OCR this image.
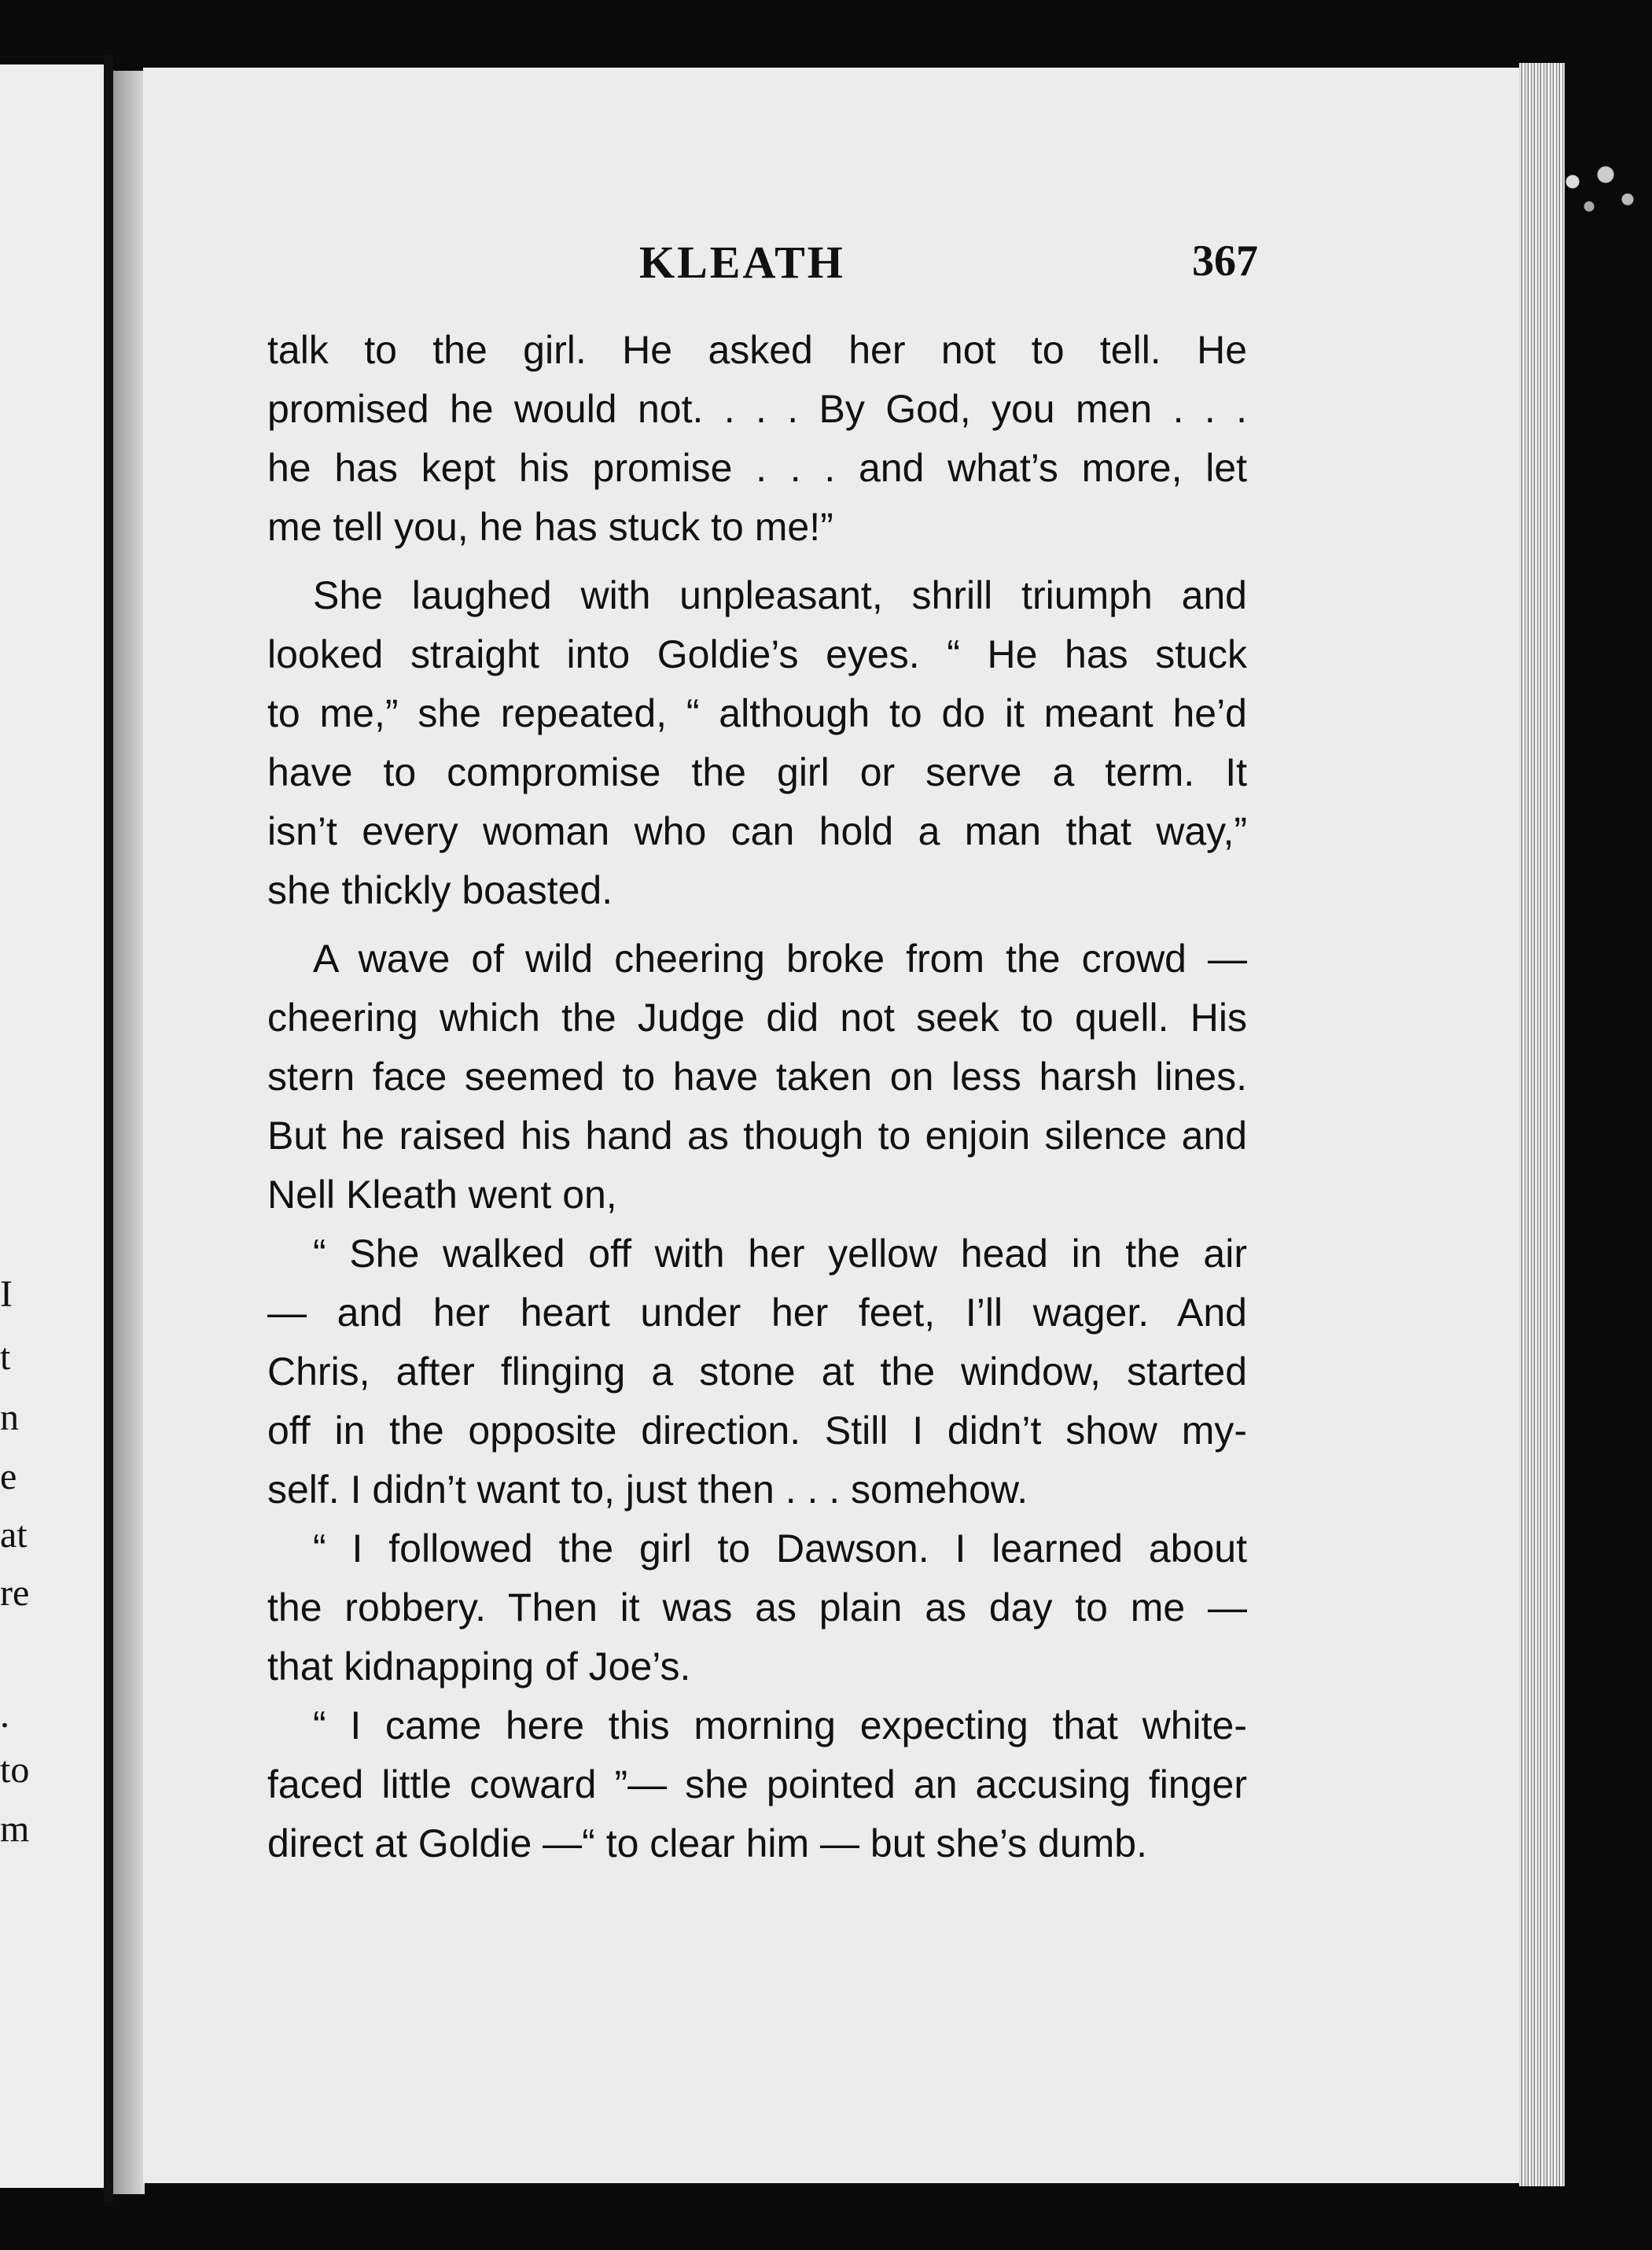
I
t
n
e
at
re
.
to
m
KLEATH	367
talk to the girl. He asked her not to tell. He
promised he would not. . . . By God, you men . . .
he has kept his promise . . . and what’s more, let
me tell you, he has stuck to me!”
She laughed with unpleasant, shrill triumph and
looked straight into Goldie’s eyes. “ He has stuck
to me,” she repeated, “ although to do it meant he’d
have to compromise the girl or serve a term. It
isn’t every woman who can hold a man that way,”
she thickly boasted.
A wave of wild cheering broke from the crowd —
cheering which the Judge did not seek to quell. His
stern face seemed to have taken on less harsh lines.
But he raised his hand as though to enjoin silence and
Nell Kleath went on,
“ She walked off with her yellow head in the air
— and her heart under her feet, I’ll wager. And
Chris, after flinging a stone at the window, started
off in the opposite direction. Still I didn’t show my-
self. I didn’t want to, just then . . . somehow.
“ I followed the girl to Dawson. I learned about
the robbery. Then it was as plain as day to me —
that kidnapping of Joe’s.
“ I came here this morning expecting that white-
faced little coward ”— she pointed an accusing finger
direct at Goldie —“ to clear him — but she’s dumb.
